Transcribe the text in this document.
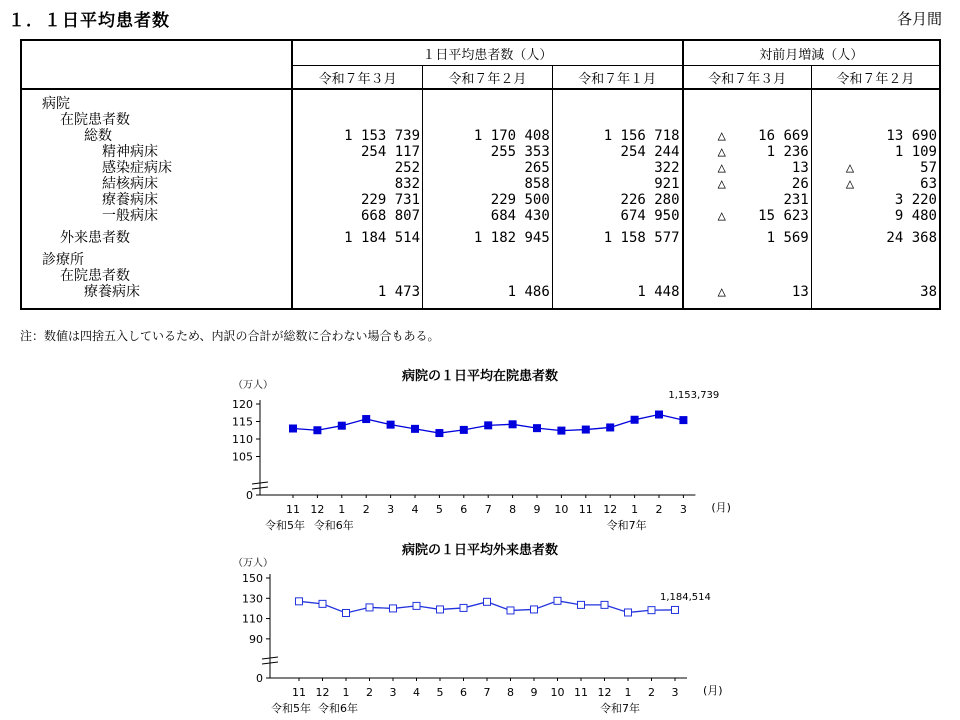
１．１日平均患者数	各月間
	１日平均患者数（人）			対前月増減（人）	
	令和７年３月	令和７年２月	令和７年１月	令和７年３月	令和７年２月
病院				

在院患者数				

総数	1 153 739	1 170 408	1 156 718	△ 16 669	13 690
精神病床	254 117	255 353	254 244	△ 1 236	1 109
感染症病床	252	265	322	△ 13	△ 57
結核病床	832	858	921	△ 26	△ 63
療養病床	229 731	229 500	226 280	231	3 220
一般病床	668 807	684 430	674 950	△ 15 623	9 480
外来患者数	1 184 514	1 182 945	1 158 577	1 569	24 368
診療所				

在院患者数				

療養病床	1 473	1 486	1 448	△ 13	38
注：数値は四捨五入しているため、内訳の合計が総数に合わない場合もある。
病院の１日平均在院患者数
（万人）
0
105
110
115
120
11 12 1 2 3 4 5 6 7 8 9 10 11 12 1 2 3 (月)
令和5年 令和6年	令和7年
1,153,739
病院の１日平均外来患者数
（万人）
0
90
110
130
150
11 12 1 2 3 4 5 6 7 8 9 10 11 12 1 2 3 (月)
令和5年 令和6年	令和7年
1,184,514
